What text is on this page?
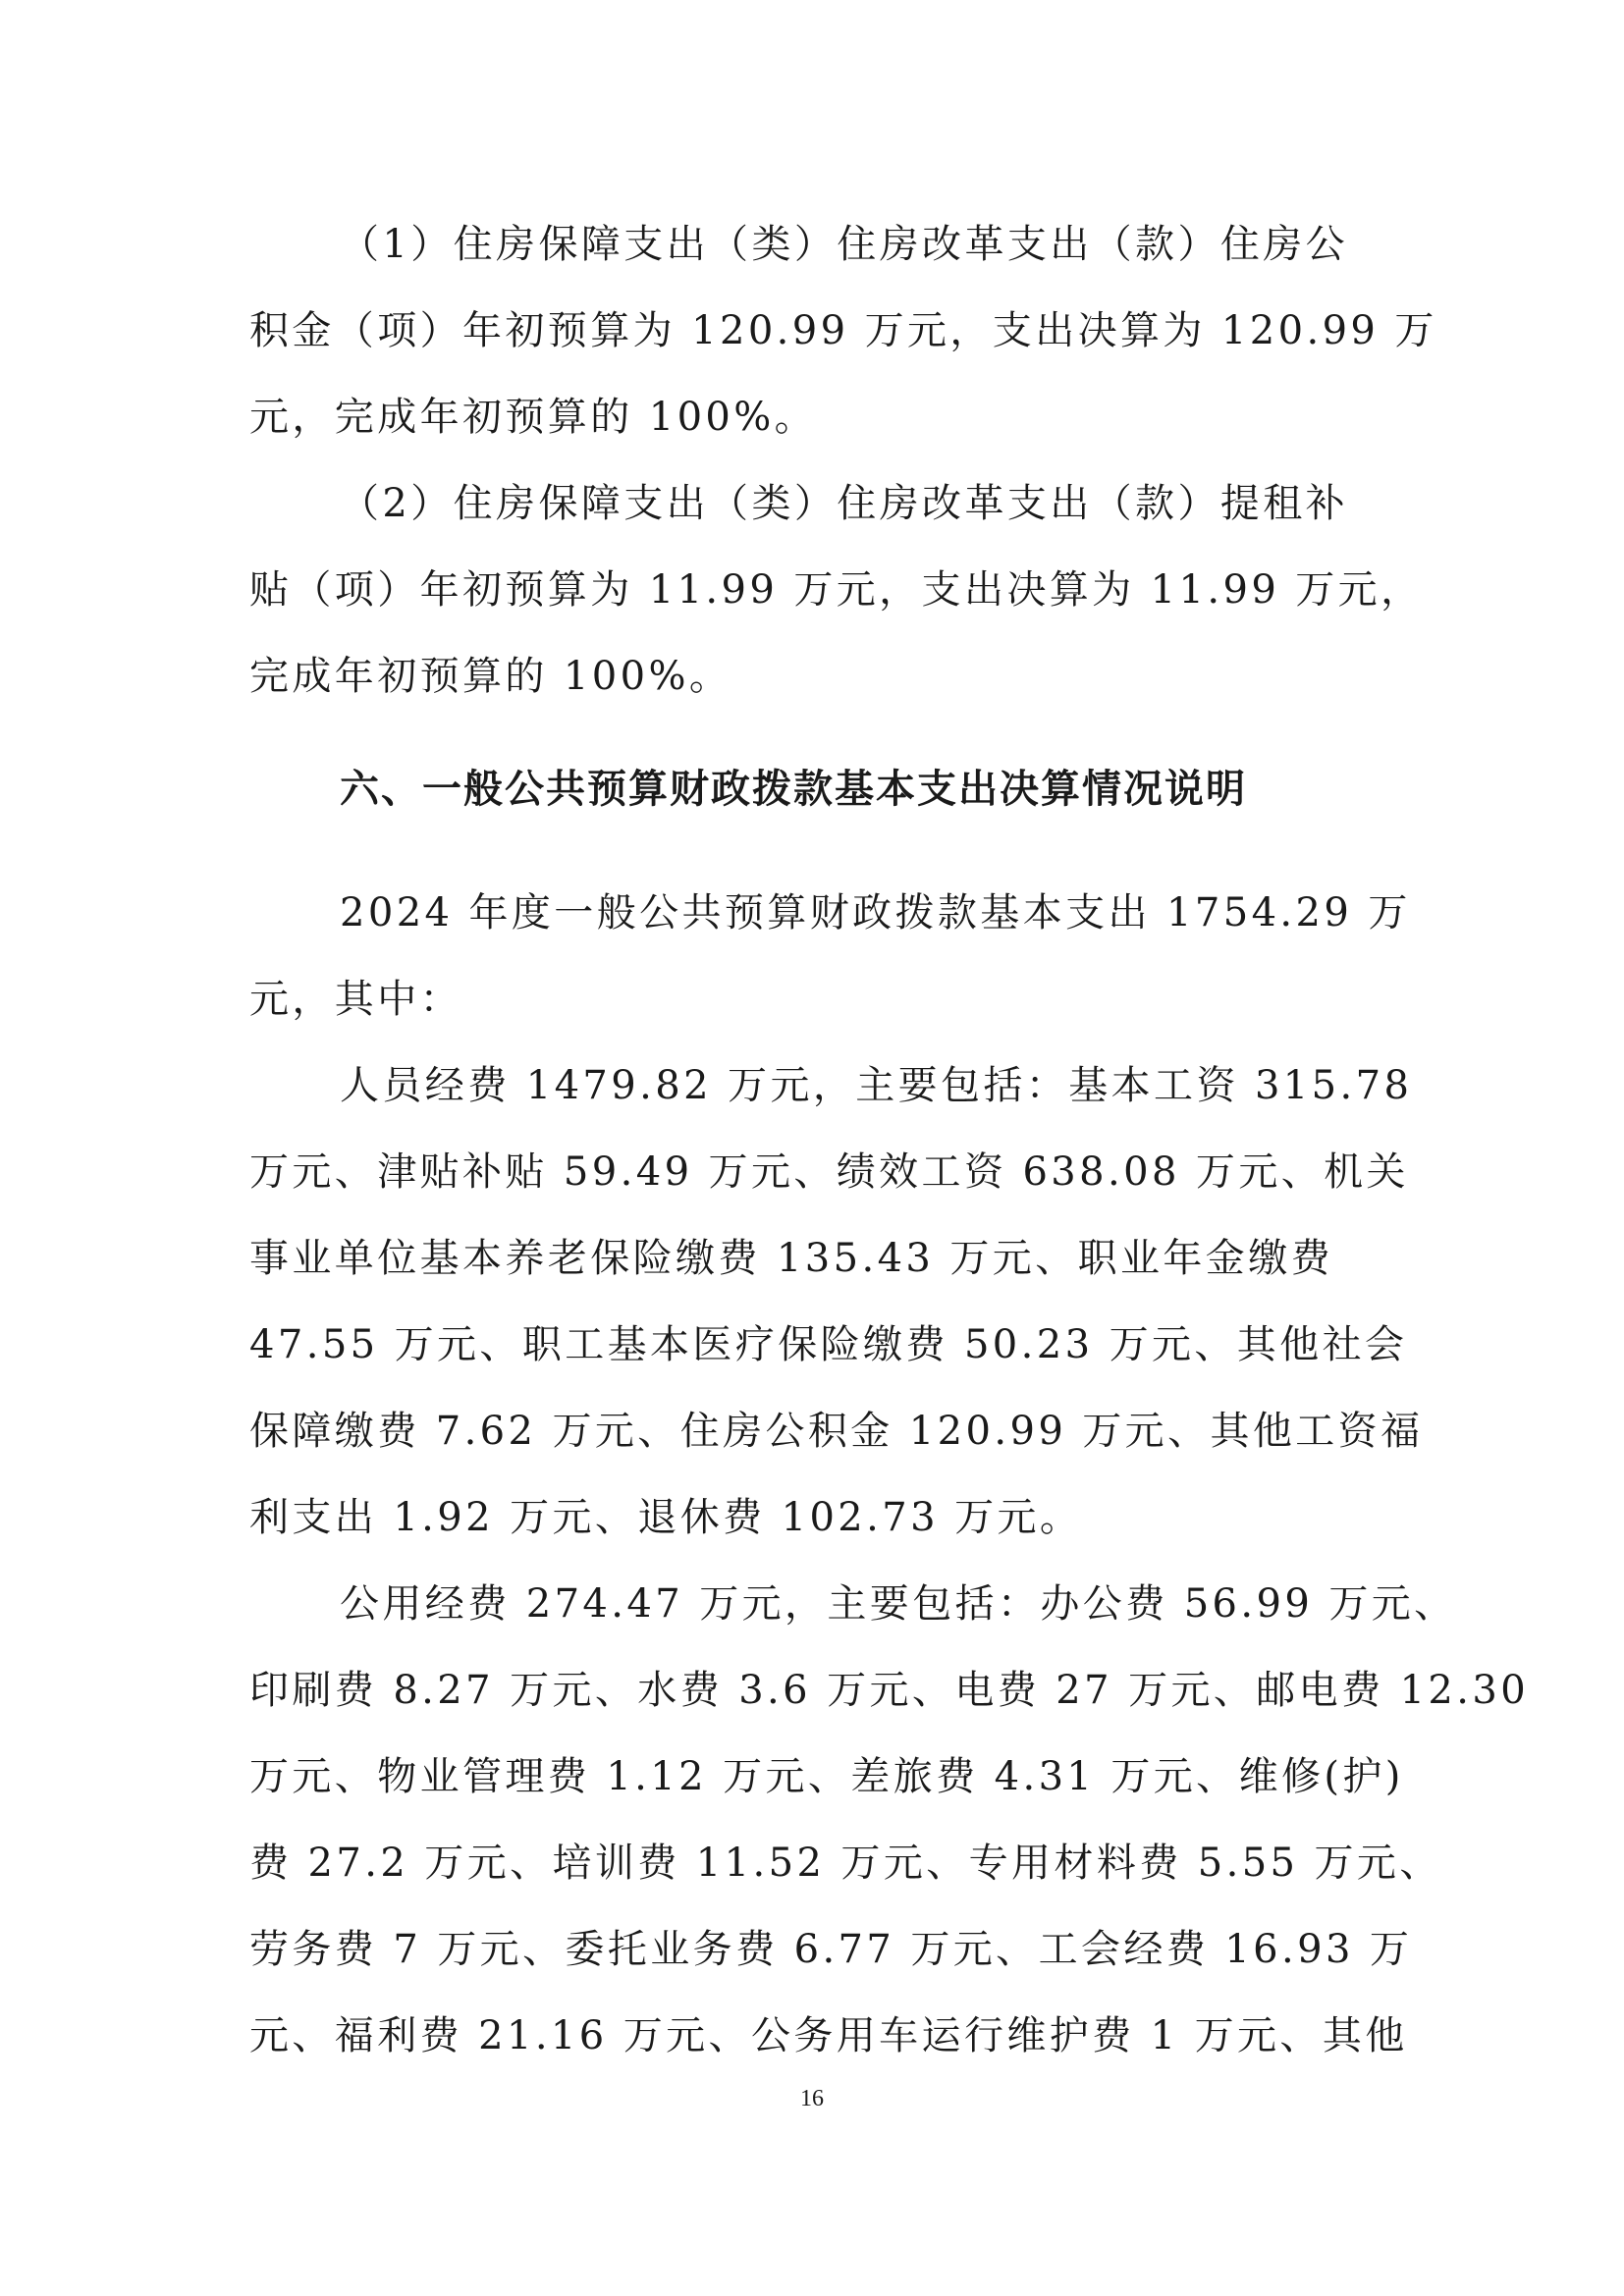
（1）住房保障支出（类）住房改革支出（款）住房公
积金（项）年初预算为 120.99 万元，支出决算为 120.99 万
元，完成年初预算的 100%。
（2）住房保障支出（类）住房改革支出（款）提租补
贴（项）年初预算为 11.99 万元，支出决算为 11.99 万元，
完成年初预算的 100%。
六、一般公共预算财政拨款基本支出决算情况说明
2024 年度一般公共预算财政拨款基本支出 1754.29 万
元，其中：
人员经费 1479.82 万元，主要包括：基本工资 315.78
万元、津贴补贴 59.49 万元、绩效工资 638.08 万元、机关
事业单位基本养老保险缴费 135.43 万元、职业年金缴费
47.55 万元、职工基本医疗保险缴费 50.23 万元、其他社会
保障缴费 7.62 万元、住房公积金 120.99 万元、其他工资福
利支出 1.92 万元、退休费 102.73 万元。
公用经费 274.47 万元，主要包括：办公费 56.99 万元、
印刷费 8.27 万元、水费 3.6 万元、电费 27 万元、邮电费 12.30
万元、物业管理费 1.12 万元、差旅费 4.31 万元、维修(护)
费 27.2 万元、培训费 11.52 万元、专用材料费 5.55 万元、
劳务费 7 万元、委托业务费 6.77 万元、工会经费 16.93 万
元、福利费 21.16 万元、公务用车运行维护费 1 万元、其他
16
